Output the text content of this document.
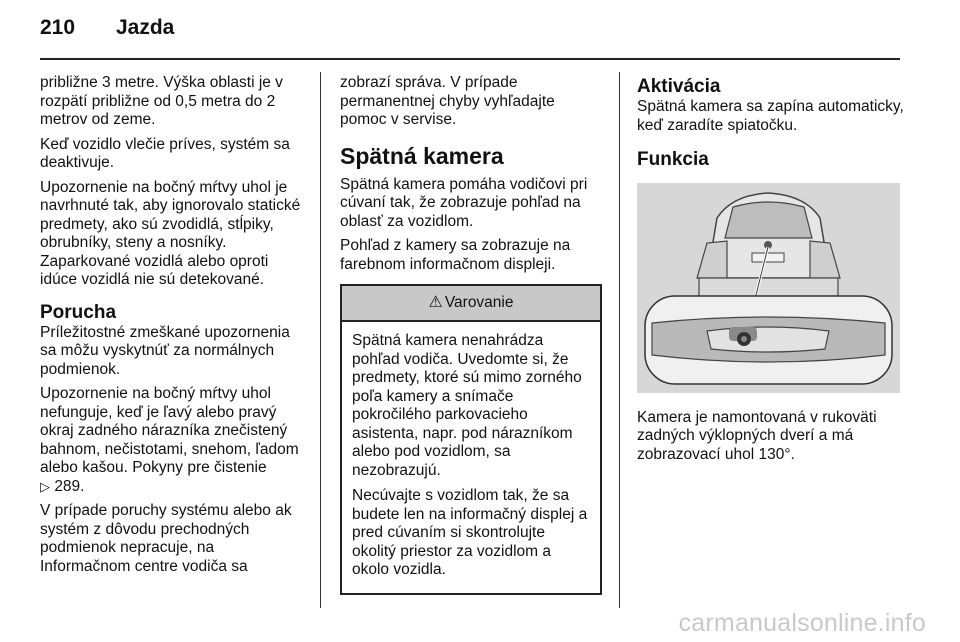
210	Jazda

približne 3 metre. Výška oblasti je v rozpätí približne od 0,5 metra do 2 metrov od zeme.

Keď vozidlo vlečie príves, systém sa deaktivuje.

Upozornenie na bočný mŕtvy uhol je navrhnuté tak, aby ignorovalo statické predmety, ako sú zvodidlá, stĺpiky, obrubníky, steny a nosníky. Zaparkované vozidlá alebo oproti idúce vozidlá nie sú detekované.

Porucha

Príležitostné zmeškané upozornenia sa môžu vyskytnúť za normálnych podmienok.

Upozornenie na bočný mŕtvy uhol nefunguje, keď je ľavý alebo pravý okraj zadného nárazníka znečistený bahnom, nečistotami, snehom, ľadom alebo kašou. Pokyny pre čistenie
▷ 289.

V prípade poruchy systému alebo ak systém z dôvodu prechodných podmienok nepracuje, na Informačnom centre vodiča sa

zobrazí správa. V prípade permanentnej chyby vyhľadajte pomoc v servise.

Spätná kamera

Spätná kamera pomáha vodičovi pri cúvaní tak, že zobrazuje pohľad na oblasť za vozidlom.

Pohľad z kamery sa zobrazuje na farebnom informačnom displeji.

⚠ Varovanie

Spätná kamera nenahrádza pohľad vodiča. Uvedomte si, že predmety, ktoré sú mimo zorného poľa kamery a snímače pokročilého parkovacieho asistenta, napr. pod nárazníkom alebo pod vozidlom, sa nezobrazujú.

Necúvajte s vozidlom tak, že sa budete len na informačný displej a pred cúvaním si skontrolujte okolitý priestor za vozidlom a okolo vozidla.

Aktivácia

Spätná kamera sa zapína automaticky, keď zaradíte spiatočku.

Funkcia

Kamera je namontovaná v rukoväti zadných výklopných dverí a má zobrazovací uhol 130°.

carmanualsonline.info
